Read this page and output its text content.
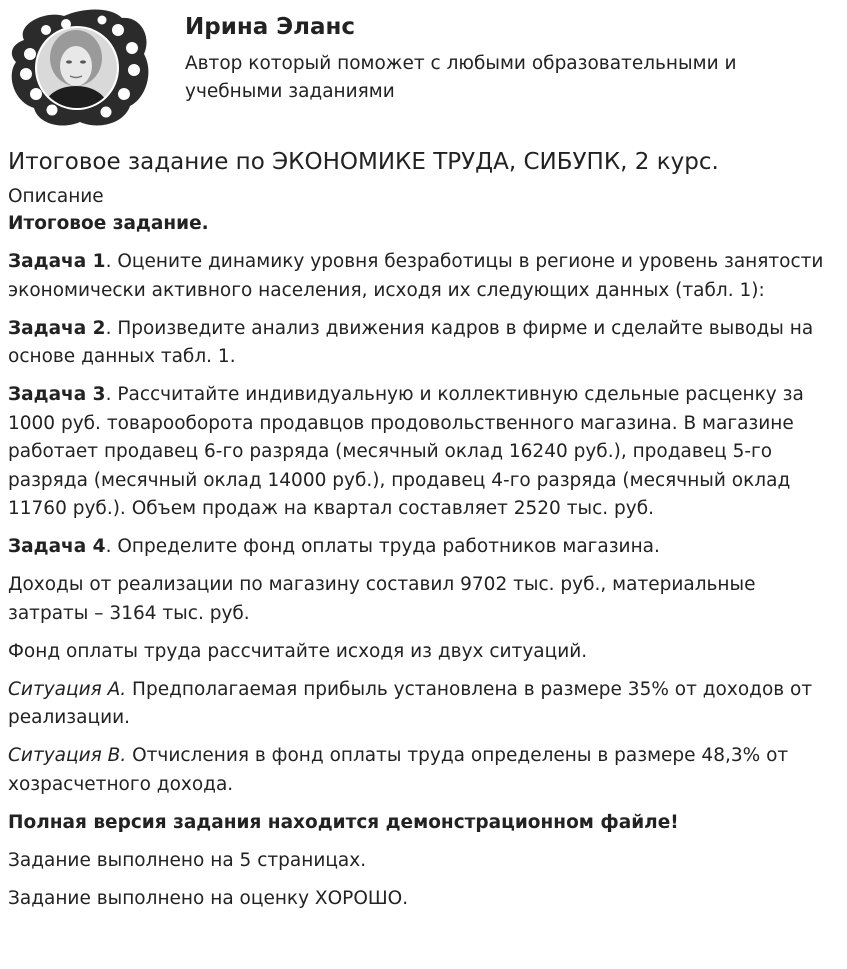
Ирина Эланс
Автор который поможет с любыми образовательными и учебными заданиями
Итоговое задание по ЭКОНОМИКЕ ТРУДА, СИБУПК, 2 курс.
Описание
Итоговое задание.

Задача 1. Оцените динамику уровня безработицы в регионе и уровень занятости экономически активного населения, исходя их следующих данных (табл. 1):

Задача 2. Произведите анализ движения кадров в фирме и сделайте выводы на основе данных табл. 1.

Задача 3. Рассчитайте индивидуальную и коллективную сдельные расценку за 1000 руб. товарооборота продавцов продовольственного магазина. В магазине работает продавец 6-го разряда (месячный оклад 16240 руб.), продавец 5-го разряда (месячный оклад 14000 руб.), продавец 4-го разряда (месячный оклад 11760 руб.). Объем продаж на квартал составляет 2520 тыс. руб.

Задача 4. Определите фонд оплаты труда работников магазина.

Доходы от реализации по магазину составил 9702 тыс. руб., материальные затраты – 3164 тыс. руб.

Фонд оплаты труда рассчитайте исходя из двух ситуаций.

Ситуация А. Предполагаемая прибыль установлена в размере 35% от доходов от реализации.

Ситуация В. Отчисления в фонд оплаты труда определены в размере 48,3% от хозрасчетного дохода.

Полная версия задания находится демонстрационном файле!

Задание выполнено на 5 страницах.

Задание выполнено на оценку ХОРОШО.
